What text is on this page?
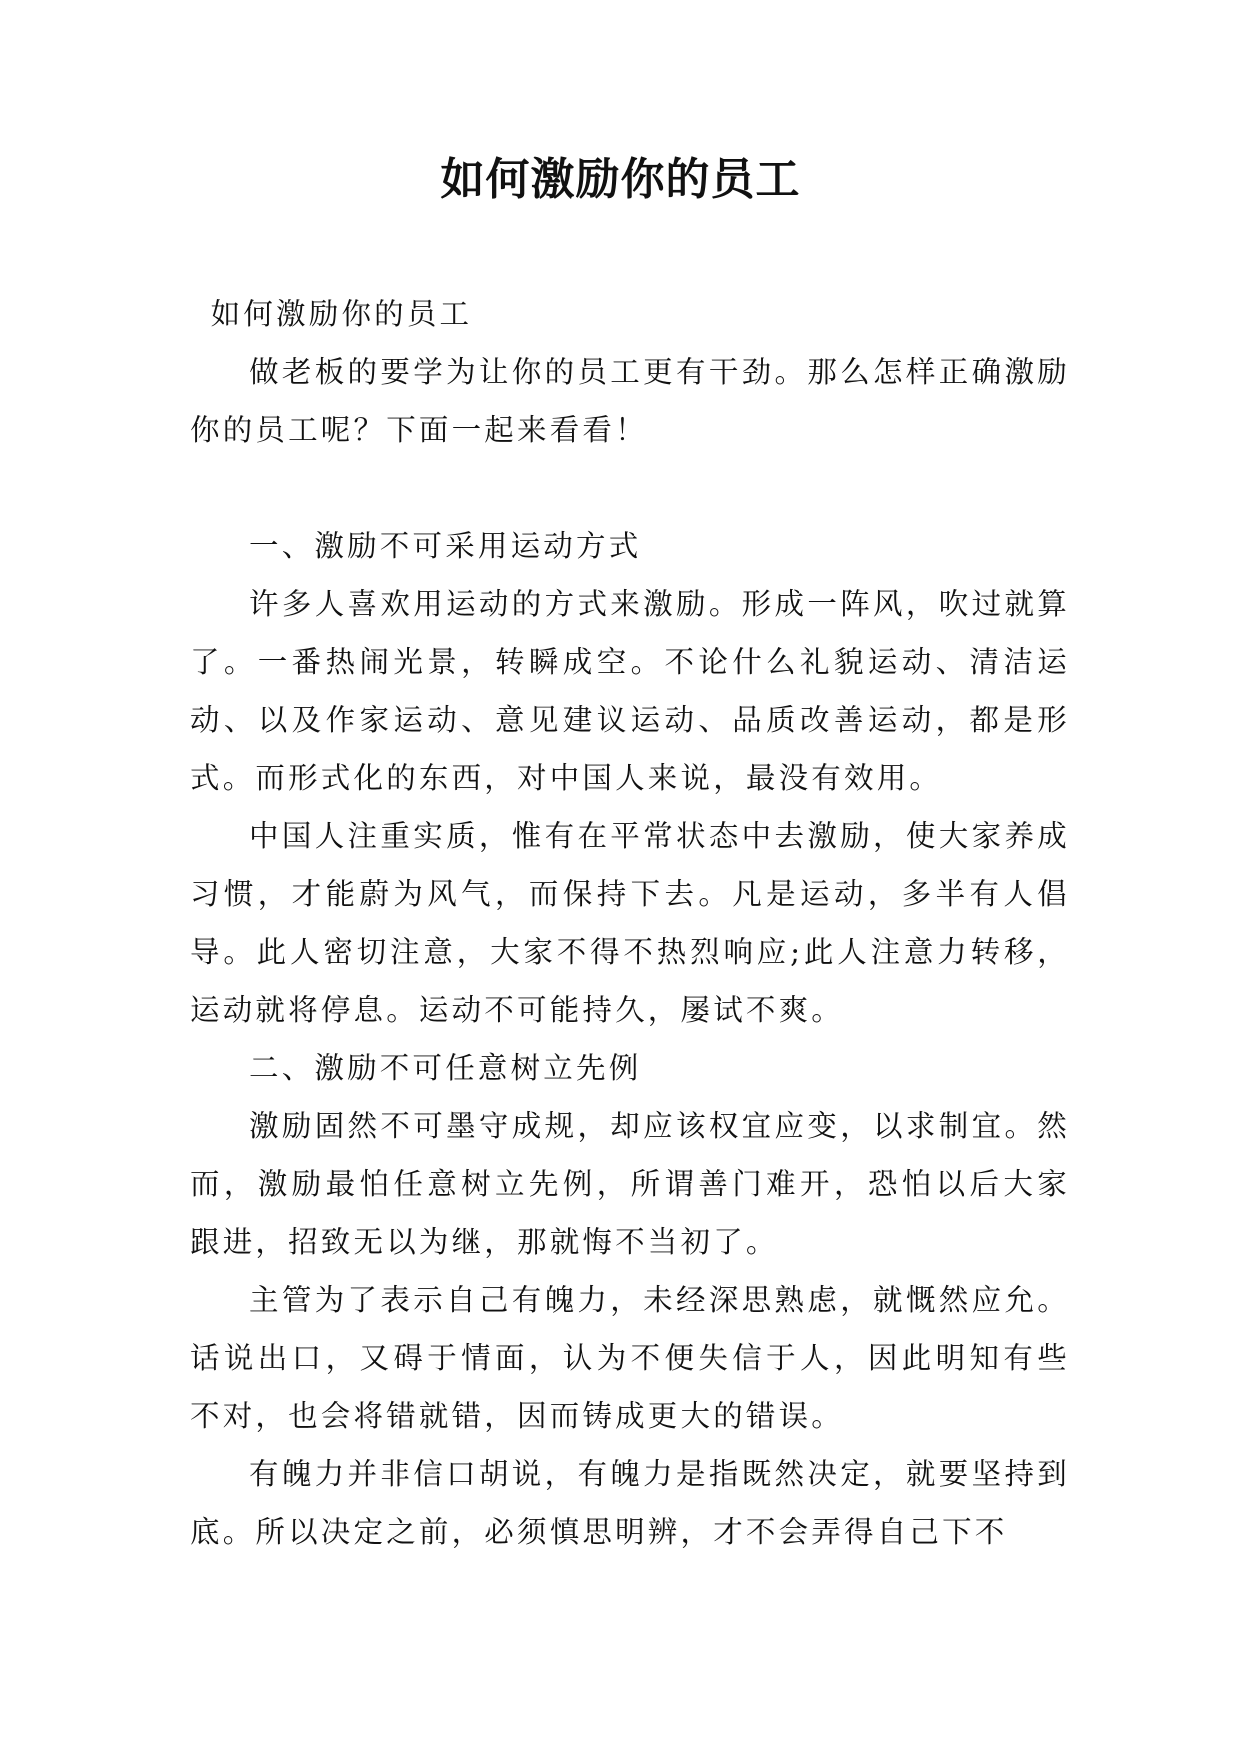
如何激励你的员工

如何激励你的员工

做老板的要学为让你的员工更有干劲。那么怎样正确激励你的员工呢？下面一起来看看！

一、激励不可采用运动方式

许多人喜欢用运动的方式来激励。形成一阵风，吹过就算了。一番热闹光景，转瞬成空。不论什么礼貌运动、清洁运动、以及作家运动、意见建议运动、品质改善运动，都是形式。而形式化的东西，对中国人来说，最没有效用。

中国人注重实质，惟有在平常状态中去激励，使大家养成习惯，才能蔚为风气，而保持下去。凡是运动，多半有人倡导。此人密切注意，大家不得不热烈响应;此人注意力转移，运动就将停息。运动不可能持久，屡试不爽。

二、激励不可任意树立先例

激励固然不可墨守成规，却应该权宜应变，以求制宜。然而，激励最怕任意树立先例，所谓善门难开，恐怕以后大家跟进，招致无以为继，那就悔不当初了。

主管为了表示自己有魄力，未经深思熟虑，就慨然应允。话说出口，又碍于情面，认为不便失信于人，因此明知有些不对，也会将错就错，因而铸成更大的错误。

有魄力并非信口胡说，有魄力是指既然决定，就要坚持到底。所以决定之前，必须慎思明辨，才不会弄得自己下不
